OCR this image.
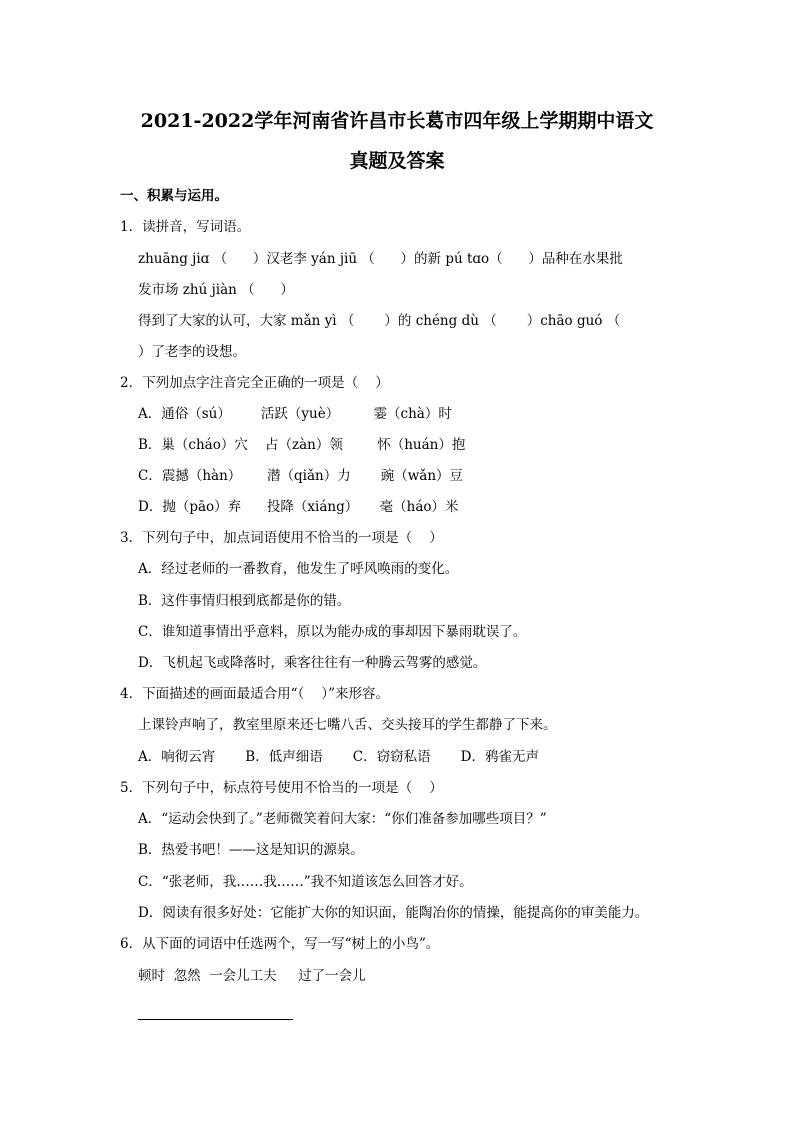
2021-2022学年河南省许昌市长葛市四年级上学期期中语文
真题及答案
一、积累与运用。
1．读拼音，写词语。
zhuāng jiɑ （      ）汉老李 yán jiū （      ）的新 pú tɑo（      ）品种在水果批
发市场 zhú jiàn （      ）
得到了大家的认可，大家 mǎn yì （       ）的 chéng dù （       ）chāo guó （
）了老李的设想。
2．下列加点字注音完全正确的一项是（    ）
A．通俗（sú）       活跃（yuè）        霎（chà）时
B．巢（cháo）穴    占（zàn）领        怀（huán）抱
C．震撼（hàn）      潜（qiǎn）力       豌（wǎn）豆
D．抛（pāo）弃      投降（xiáng）     毫（háo）米
3．下列句子中，加点词语使用不恰当的一项是（    ）
A．经过老师的一番教育，他发生了呼风唤雨的变化。
B．这件事情归根到底都是你的错。
C．谁知道事情出乎意料，原以为能办成的事却因下暴雨耽误了。
D．飞机起飞或降落时，乘客往往有一种腾云驾雾的感觉。
4．下面描述的画面最适合用“（    ）”来形容。
上课铃声响了，教室里原来还七嘴八舌、交头接耳的学生都静了下来。
A．响彻云宵       B．低声细语       C．窃窃私语       D．鸦雀无声
5．下列句子中，标点符号使用不恰当的一项是（    ）
A．“运动会快到了。”老师微笑着问大家：“你们准备参加哪些项目？”
B．热爱书吧！——这是知识的源泉。
C．“张老师，我……我……”我不知道该怎么回答才好。
D．阅读有很多好处：它能扩大你的知识面，能陶冶你的情操，能提高你的审美能力。
6．从下面的词语中任选两个，写一写“树上的小鸟”。
顿时  忽然  一会儿工夫     过了一会儿
